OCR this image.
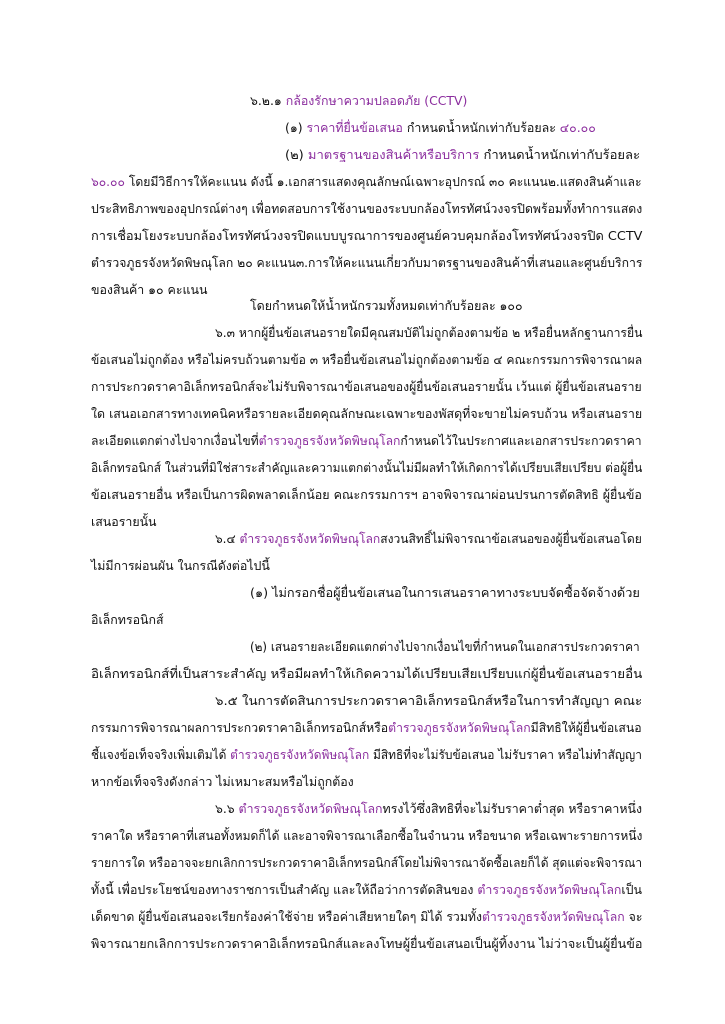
๖.๒.๑ กล้องรักษาความปลอดภัย (CCTV)
(๑) ราคาที่ยื่นข้อเสนอ กำหนดน้ำหนักเท่ากับร้อยละ ๔๐.๐๐
(๒) มาตรฐานของสินค้าหรือบริการ กำหนดน้ำหนักเท่ากับร้อยละ
๖๐.๐๐ โดยมีวิธีการให้คะแนน ดังนี้ ๑.เอกสารแสดงคุณลักษณ์เฉพาะอุปกรณ์ ๓๐ คะแนน๒.แสดงสินค้าและ
ประสิทธิภาพของอุปกรณ์ต่างๆ เพื่อทดสอบการใช้งานของระบบกล้องโทรทัศน์วงจรปิดพร้อมทั้งทำการแสดง
การเชื่อมโยงระบบกล้องโทรทัศน์วงจรปิดแบบบูรณาการของศูนย์ควบคุมกล้องโทรทัศน์วงจรปิด CCTV
ตำรวจภูธรจังหวัดพิษณุโลก ๒๐ คะแนน๓.การให้คะแนนเกี่ยวกับมาตรฐานของสินค้าที่เสนอและศูนย์บริการ
ของสินค้า ๑๐ คะแนน
โดยกำหนดให้น้ำหนักรวมทั้งหมดเท่ากับร้อยละ ๑๐๐
๖.๓ หากผู้ยื่นข้อเสนอรายใดมีคุณสมบัติไม่ถูกต้องตามข้อ ๒ หรือยื่นหลักฐานการยื่น
ข้อเสนอไม่ถูกต้อง หรือไม่ครบถ้วนตามข้อ ๓ หรือยื่นข้อเสนอไม่ถูกต้องตามข้อ ๔ คณะกรรมการพิจารณาผล
การประกวดราคาอิเล็กทรอนิกส์จะไม่รับพิจารณาข้อเสนอของผู้ยื่นข้อเสนอรายนั้น เว้นแต่ ผู้ยื่นข้อเสนอราย
ใด เสนอเอกสารทางเทคนิคหรือรายละเอียดคุณลักษณะเฉพาะของพัสดุที่จะขายไม่ครบถ้วน หรือเสนอราย
ละเอียดแตกต่างไปจากเงื่อนไขที่ตำรวจภูธรจังหวัดพิษณุโลกกำหนดไว้ในประกาศและเอกสารประกวดราคา
อิเล็กทรอนิกส์ ในส่วนที่มิใช่สาระสำคัญและความแตกต่างนั้นไม่มีผลทำให้เกิดการได้เปรียบเสียเปรียบ ต่อผู้ยื่น
ข้อเสนอรายอื่น หรือเป็นการผิดพลาดเล็กน้อย คณะกรรมการฯ อาจพิจารณาผ่อนปรนการตัดสิทธิ ผู้ยื่นข้อ
เสนอรายนั้น
๖.๔ ตำรวจภูธรจังหวัดพิษณุโลกสงวนสิทธิ์ไม่พิจารณาข้อเสนอของผู้ยื่นข้อเสนอโดย
ไม่มีการผ่อนผัน ในกรณีดังต่อไปนี้
(๑) ไม่กรอกชื่อผู้ยื่นข้อเสนอในการเสนอราคาทางระบบจัดซื้อจัดจ้างด้วย
อิเล็กทรอนิกส์
(๒) เสนอรายละเอียดแตกต่างไปจากเงื่อนไขที่กำหนดในเอกสารประกวดราคา
อิเล็กทรอนิกส์ที่เป็นสาระสำคัญ หรือมีผลทำให้เกิดความได้เปรียบเสียเปรียบแก่ผู้ยื่นข้อเสนอรายอื่น
๖.๕ ในการตัดสินการประกวดราคาอิเล็กทรอนิกส์หรือในการทำสัญญา คณะ
กรรมการพิจารณาผลการประกวดราคาอิเล็กทรอนิกส์หรือตำรวจภูธรจังหวัดพิษณุโลกมีสิทธิให้ผู้ยื่นข้อเสนอ
ชี้แจงข้อเท็จจริงเพิ่มเติมได้ ตำรวจภูธรจังหวัดพิษณุโลก มีสิทธิที่จะไม่รับข้อเสนอ ไม่รับราคา หรือไม่ทำสัญญา
หากข้อเท็จจริงดังกล่าว ไม่เหมาะสมหรือไม่ถูกต้อง
๖.๖ ตำรวจภูธรจังหวัดพิษณุโลกทรงไว้ซึ่งสิทธิที่จะไม่รับราคาต่ำสุด หรือราคาหนึ่ง
ราคาใด หรือราคาที่เสนอทั้งหมดก็ได้ และอาจพิจารณาเลือกซื้อในจำนวน หรือขนาด หรือเฉพาะรายการหนึ่ง
รายการใด หรืออาจจะยกเลิกการประกวดราคาอิเล็กทรอนิกส์โดยไม่พิจารณาจัดซื้อเลยก็ได้ สุดแต่จะพิจารณา
ทั้งนี้ เพื่อประโยชน์ของทางราชการเป็นสำคัญ และให้ถือว่าการตัดสินของ ตำรวจภูธรจังหวัดพิษณุโลกเป็น
เด็ดขาด ผู้ยื่นข้อเสนอจะเรียกร้องค่าใช้จ่าย หรือค่าเสียหายใดๆ มิได้ รวมทั้งตำรวจภูธรจังหวัดพิษณุโลก จะ
พิจารณายกเลิกการประกวดราคาอิเล็กทรอนิกส์และลงโทษผู้ยื่นข้อเสนอเป็นผู้ทิ้งงาน ไม่ว่าจะเป็นผู้ยื่นข้อ
